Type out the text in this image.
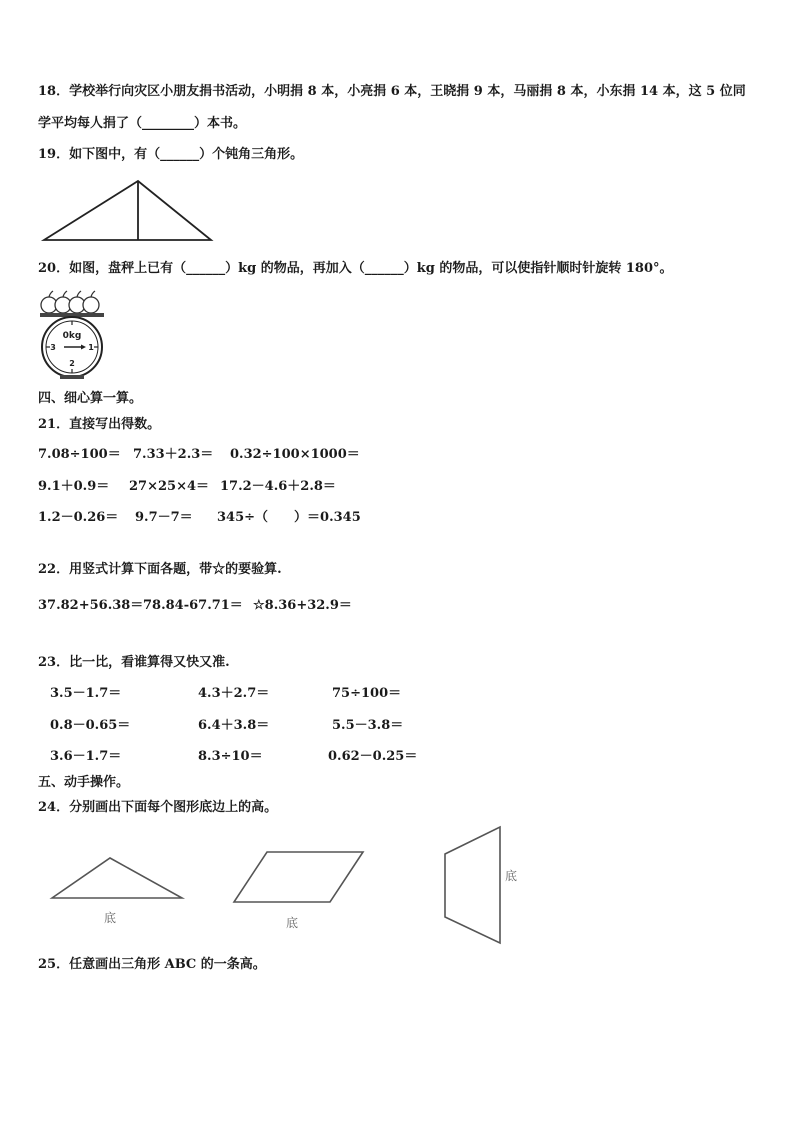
18．学校举行向灾区小朋友捐书活动，小明捐 8 本，小亮捐 6 本，王晓捐 9 本，马丽捐 8 本，小东捐 14 本，这 5 位同
学平均每人捐了（________）本书。
19．如下图中，有（______）个钝角三角形。
20．如图，盘秤上已有（______）kg 的物品，再加入（______）kg 的物品，可以使指针顺时针旋转 180°。
0kg
1
2
3
四、细心算一算。
21．直接写出得数。
7.08÷100＝ 7.33＋2.3＝ 0.32÷100×1000＝
9.1＋0.9＝ 27×25×4＝ 17.2－4.6＋2.8＝
1.2－0.26＝ 9.7－7＝ 345÷（　　）＝0.345
22．用竖式计算下面各题，带☆的要验算.
37.82+56.38＝ 78.84-67.71＝ ☆8.36+32.9＝
23．比一比，看谁算得又快又准.
3.5－1.7＝	4.3＋2.7＝	75÷100＝
0.8－0.65＝	6.4＋3.8＝	5.5－3.8＝
3.6－1.7＝	8.3÷10＝	0.62－0.25＝
五、动手操作。
24．分别画出下面每个图形底边上的高。
底	底
底
25．任意画出三角形 ABC 的一条高。
